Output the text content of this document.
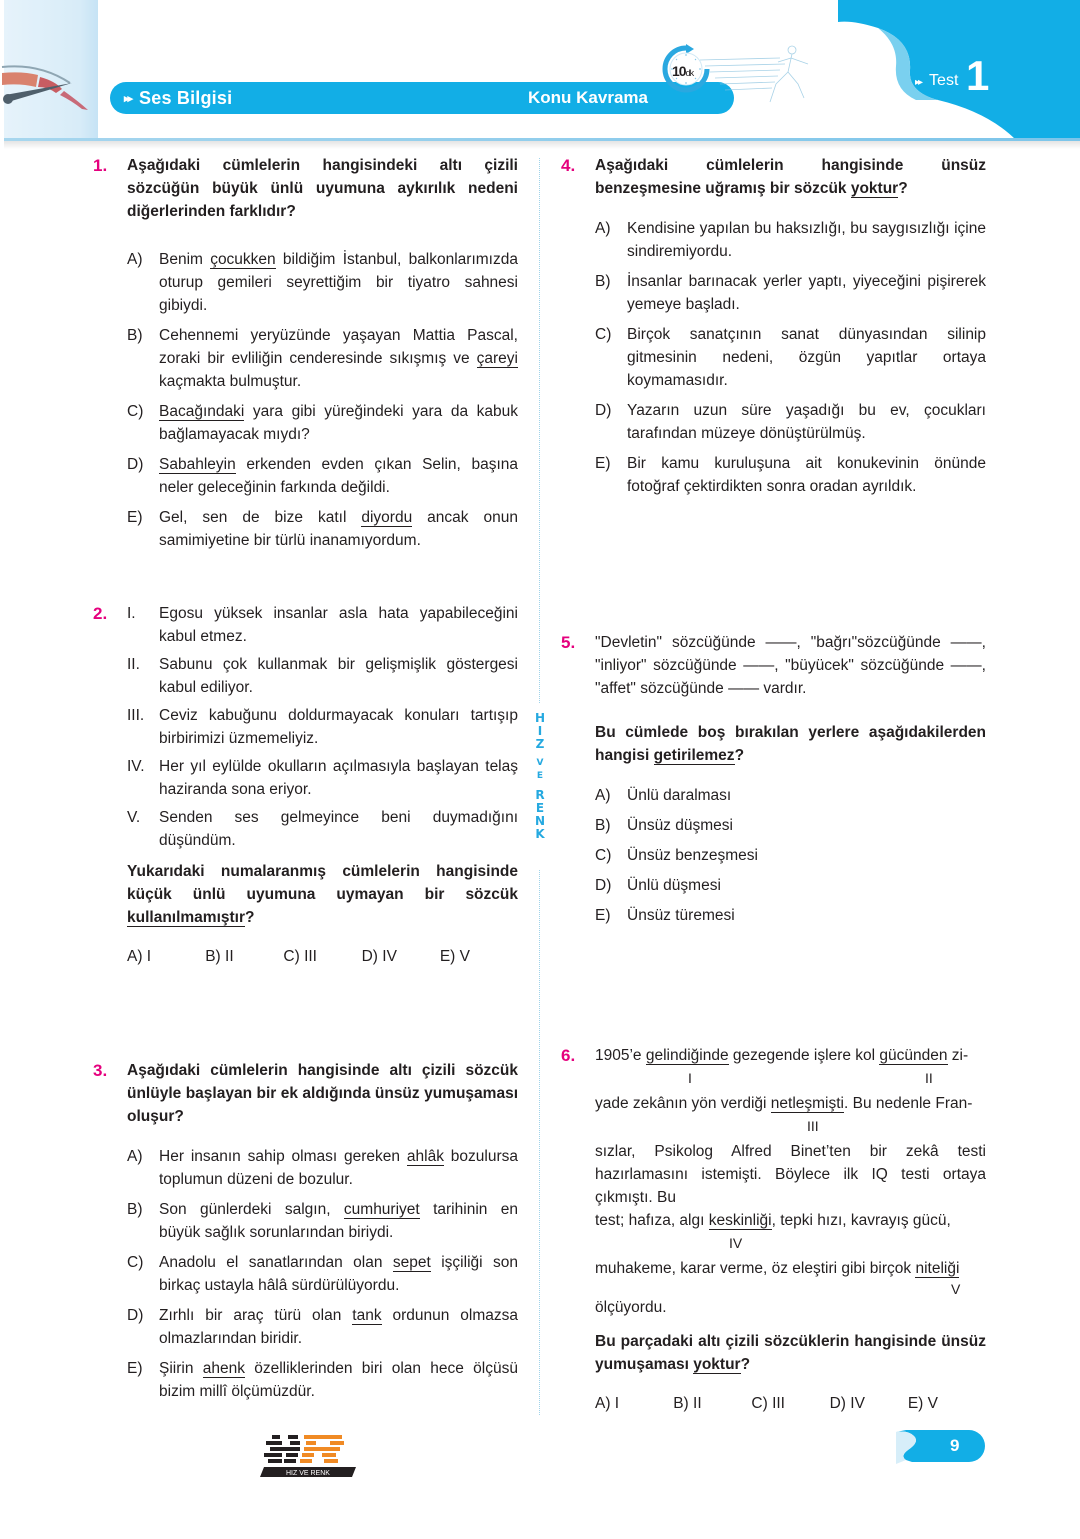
▸▸ Ses Bilgisi	Konu Kavrama
10dk
▸▸ Test 1
H
I
Z
V
E
R
E
N
K
1. Aşağıdaki cümlelerin hangisindeki altı çizili sözcüğün büyük ünlü uyumuna aykırılık nedeni diğerlerinden farklıdır?
A)	Benim çocukken bildiğim İstanbul, balkonlarımızda oturup gemileri seyrettiğim bir tiyatro sahnesi gibiydi.
B)	Cehennemi yeryüzünde yaşayan Mattia Pascal, zoraki bir evliliğin cenderesinde sıkışmış ve çareyi kaçmakta bulmuştur.
C)	Bacağındaki yara gibi yüreğindeki yara da kabuk bağlamayacak mıydı?
D)	Sabahleyin erkenden evden çıkan Selin, başına neler geleceğinin farkında değildi.
E)	Gel, sen de bize katıl diyordu ancak onun samimiyetine bir türlü inanamıyordum.
2. I.	Egosu yüksek insanlar asla hata yapabileceğini kabul etmez.
II.	Sabunu çok kullanmak bir gelişmişlik göstergesi kabul ediliyor.
III. Ceviz kabuğunu doldurmayacak konuları tartışıp birbirimizi üzmemeliyiz.
IV. Her yıl eylülde okulların açılmasıyla başlayan telaş haziranda sona eriyor.
V.	Senden ses gelmeyince beni duymadığını düşündüm.
Yukarıdaki numalaranmış cümlelerin hangisinde küçük ünlü uyumuna uymayan bir sözcük kullanılmamıştır?
A) I	B) II	C) III	D) IV	E) V
3. Aşağıdaki cümlelerin hangisinde altı çizili sözcük ünlüyle başlayan bir ek aldığında ünsüz yumuşaması oluşur?
A)	Her insanın sahip olması gereken ahlâk bozulursa toplumun düzeni de bozulur.
B)	Son günlerdeki salgın, cumhuriyet tarihinin en büyük sağlık sorunlarından biriydi.
C)	Anadolu el sanatlarından olan sepet işçiliği son birkaç ustayla hâlâ sürdürülüyordu.
D)	Zırhlı bir araç türü olan tank ordunun olmazsa olmazlarından biridir.
E)	Şiirin ahenk özelliklerinden biri olan hece ölçüsü bizim millî ölçümüzdür.
4. Aşağıdaki cümlelerin hangisinde ünsüz benzeşmesine uğramış bir sözcük yoktur?
A)	Kendisine yapılan bu haksızlığı, bu saygısızlığı içine sindiremiyordu.
B)	İnsanlar barınacak yerler yaptı, yiyeceğini pişirerek yemeye başladı.
C)	Birçok sanatçının sanat dünyasından silinip gitmesinin nedeni, özgün yapıtlar ortaya koymamasıdır.
D)	Yazarın uzun süre yaşadığı bu ev, çocukları tarafından müzeye dönüştürülmüş.
E)	Bir kamu kuruluşuna ait konukevinin önünde fotoğraf çektirdikten sonra oradan ayrıldık.
5. "Devletin" sözcüğünde ——, "bağrı"sözcüğünde ——, "inliyor" sözcüğünde ——, "büyücek" sözcüğünde ——, "affet" sözcüğünde —— vardır.
Bu cümlede boş bırakılan yerlere aşağıdakilerden hangisi getirilemez?
A)	Ünlü daralması
B)	Ünsüz düşmesi
C)	Ünsüz benzeşmesi
D)	Ünlü düşmesi
E)	Ünsüz türemesi
6. 1905’e gelindiğinde gezegende işlere kol gücünden zi-
I	II
yade zekânın yön verdiği netleşmişti. Bu nedenle Fran-
III
sızlar, Psikolog Alfred Binet’ten bir zekâ testi hazırlamasını istemişti. Böylece ilk IQ testi ortaya çıkmıştı. Bu
test; hafıza, algı keskinliği, tepki hızı, kavrayış gücü,
IV
muhakeme, karar verme, öz eleştiri gibi birçok niteliği
V
ölçüyordu.
Bu parçadaki altı çizili sözcüklerin hangisinde ünsüz yumuşaması yoktur?
A) I	B) II	C) III	D) IV	E) V
HIZ VE RENK
9
